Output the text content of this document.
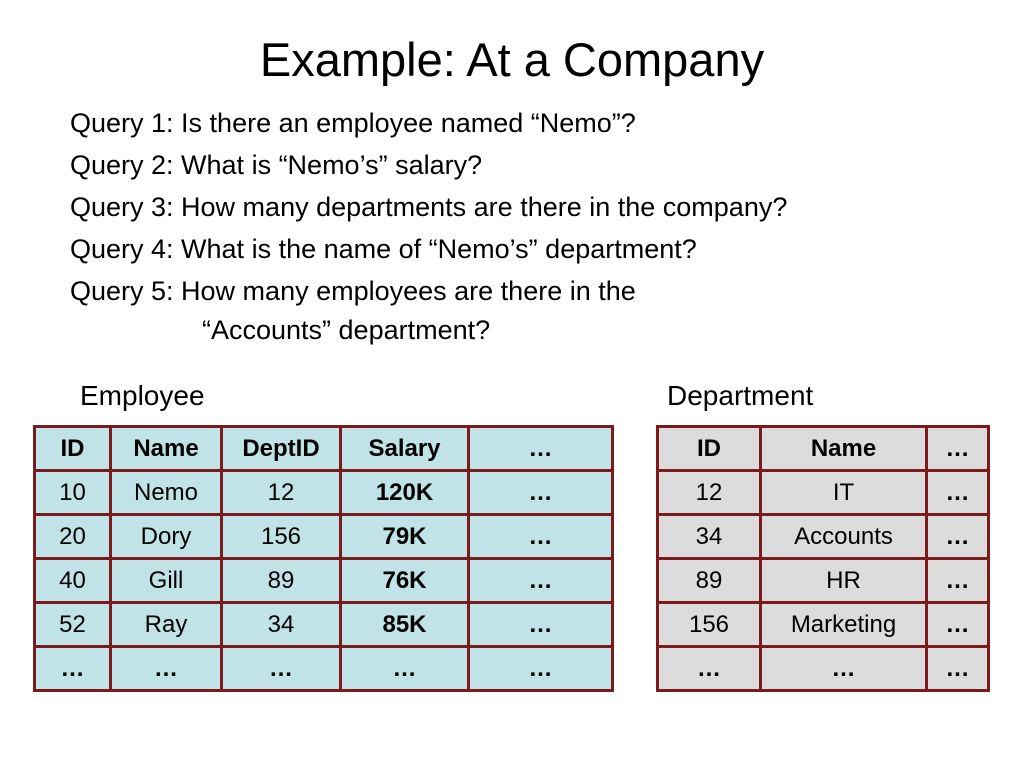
Example: At a Company
Query 1: Is there an employee named “Nemo”?
Query 2: What is “Nemo’s” salary?
Query 3: How many departments are there in the company?
Query 4: What is the name of “Nemo’s” department?
Query 5: How many employees are there in the
“Accounts” department?
Employee	Department
ID	Name	DeptID	Salary	…
10	Nemo	12	120K	…
20	Dory	156	79K	…
40	Gill	89	76K	…
52	Ray	34	85K	…
…	…	…	…	…
ID	Name	…
12	IT	…
34	Accounts	…
89	HR	…
156	Marketing	…
…	…	…
